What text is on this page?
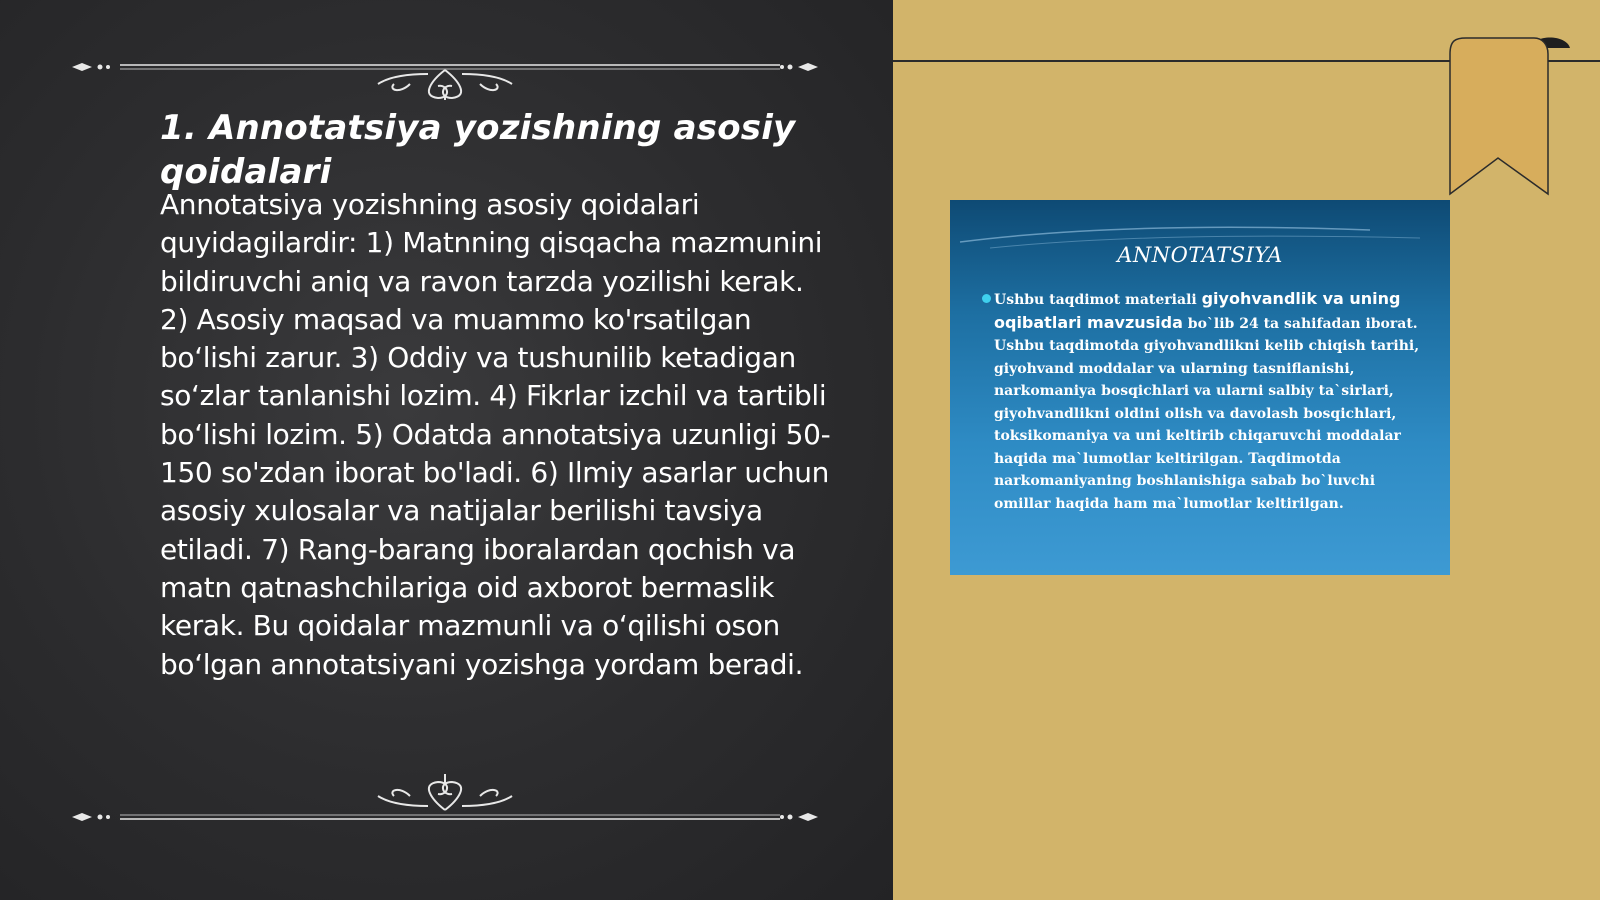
1. Annotatsiya yozishning asosiy qoidalari

Annotatsiya yozishning asosiy qoidalari quyidagilardir: 1) Matnning qisqacha mazmunini bildiruvchi aniq va ravon tarzda yozilishi kerak. 2) Asosiy maqsad va muammo ko'rsatilgan bo‘lishi zarur. 3) Oddiy va tushunilib ketadigan so‘zlar tanlanishi lozim. 4) Fikrlar izchil va tartibli bo‘lishi lozim. 5) Odatda annotatsiya uzunligi 50-150 so'zdan iborat bo'ladi. 6) Ilmiy asarlar uchun asosiy xulosalar va natijalar berilishi tavsiya etiladi. 7) Rang-barang iboralardan qochish va matn qatnashchilariga oid axborot bermaslik kerak. Bu qoidalar mazmunli va o‘qilishi oson bo‘lgan annotatsiyani yozishga yordam beradi.

ANNOTATSIYA
Ushbu taqdimot materiali giyohvandlik va uning oqibatlari mavzusida bo`lib 24 ta sahifadan iborat. Ushbu taqdimotda giyohvandlikni kelib chiqish tarihi, giyohvand moddalar va ularning tasniflanishi, narkomaniya bosqichlari va ularni salbiy ta`sirlari, giyohvandlikni oldini olish va davolash bosqichlari, toksikomaniya va uni keltirib chiqaruvchi moddalar haqida ma`lumotlar keltirilgan. Taqdimotda narkomaniyaning boshlanishiga sabab bo`luvchi omillar haqida ham ma`lumotlar keltirilgan.
